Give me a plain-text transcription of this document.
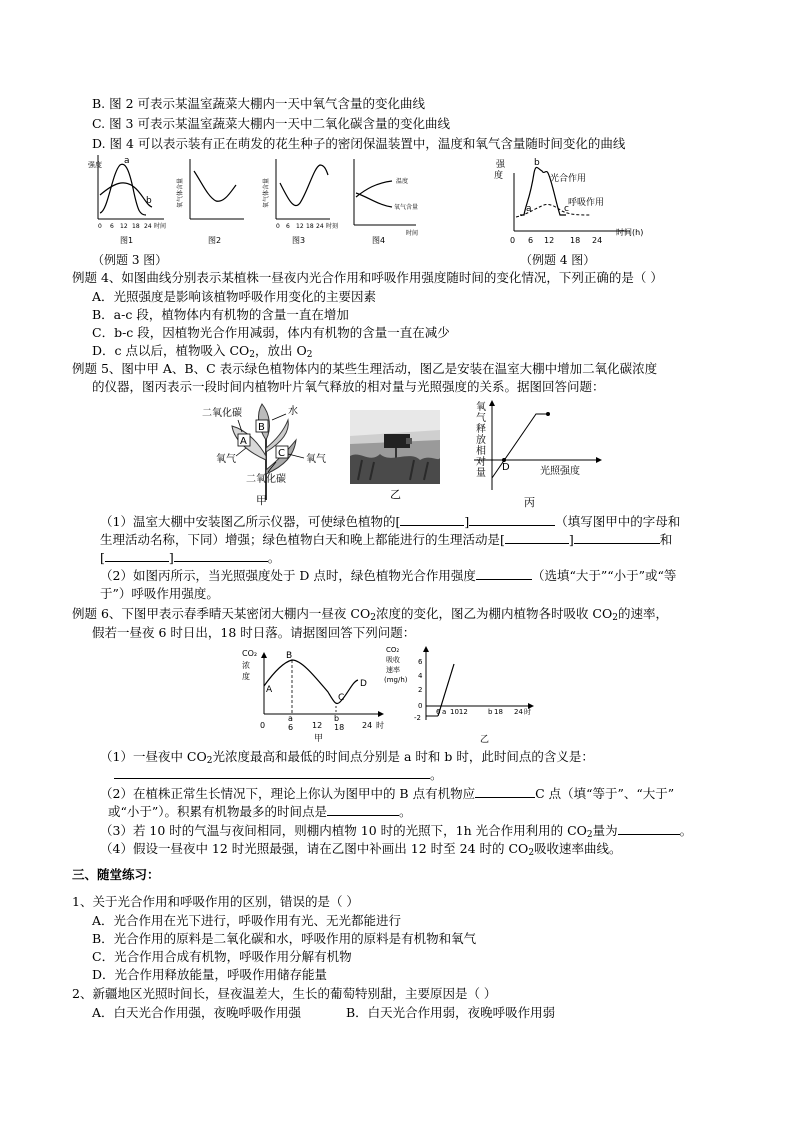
B. 图 2 可表示某温室蔬菜大棚内一天中氧气含量的变化曲线
C. 图 3 可表示某温室蔬菜大棚内一天中二氧化碳含量的变化曲线
D. 图 4 可以表示装有正在萌发的花生种子的密闭保温装置中，温度和氧气含量随时间变化的曲线
强度 a
b
0 6 12 18 24 时间
图1
氧气体含量
图2
氧气体含量
0 6 12 18 24 时刻
图3
温度
氧气含量
时间
图4
（例题 3 图）
强
度
b
a	c
光合作用
呼吸作用
0 6 12 18 24
时间(h)
（例题 4 图）
例题 4、如图曲线分别表示某植株一昼夜内光合作用和呼吸作用强度随时间的变化情况，下列正确的是（ ）
A．光照强度是影响该植物呼吸作用变化的主要因素
B．a-c 段，植物体内有机物的含量一直在增加
C．b-c 段，因植物光合作用减弱，体内有机物的含量一直在减少
D．c 点以后，植物吸入 $CO_2$，放出 $O_2$
例题 5、图中甲 A、B、C 表示绿色植物体内的某些生理活动，图乙是安装在温室大棚中增加二氧化碳浓度
的仪器，图丙表示一段时间内植物叶片氧气释放的相对量与光照强度的关系。据图回答问题：
A
B
C
二氧化碳	水
氧气	氧气
二氧化碳
甲	乙
氧
气
释
放
相
对
量
D	光照强度
丙
（1）温室大棚中安装图乙所示仪器，可使绿色植物的[	]	（填写图甲中的字母和
生理活动名称，下同）增强；绿色植物白天和晚上都能进行的生理活动是[	]	和
[	]	。
（2）如图丙所示，当光照强度处于 D 点时，绿色植物光合作用强度	（选填“大于”“小于”或“等
于”）呼吸作用强度。
例题 6、下图甲表示春季晴天某密闭大棚内一昼夜 $CO_2$浓度的变化，图乙为棚内植物各时吸收 $CO_2$的速率，
假若一昼夜 6 时日出，18 时日落。请据图回答下列问题：
CO₂
浓
度
A
B
C
D
a	b
0	6 12 18 24 时
甲
CO₂
吸收
速率
(mg/h)
6
4
2
0
-2
6 a 1012	b 18 24 时
乙
（1）一昼夜中 $CO_2$光浓度最高和最低的时间点分别是 a 时和 b 时，此时间点的含义是：
。
（2）在植株正常生长情况下，理论上你认为图甲中的 B 点有机物应	C 点（填“等于”、“大于”
或“小于”）。积累有机物最多的时间点是	。
（3）若 10 时的气温与夜间相同，则棚内植物 10 时的光照下，1h 光合作用利用的 $CO_2$量为	。
（4）假设一昼夜中 12 时光照最强，请在乙图中补画出 12 时至 24 时的 $CO_2$吸收速率曲线。
三、随堂练习：
1、关于光合作用和呼吸作用的区别，错误的是（ ）
A．光合作用在光下进行，呼吸作用有光、无光都能进行
B．光合作用的原料是二氧化碳和水，呼吸作用的原料是有机物和氧气
C．光合作用合成有机物，呼吸作用分解有机物
D．光合作用释放能量，呼吸作用储存能量
2、新疆地区光照时间长，昼夜温差大，生长的葡萄特别甜，主要原因是（ ）
A．白天光合作用强，夜晚呼吸作用强	B．白天光合作用弱，夜晚呼吸作用弱
